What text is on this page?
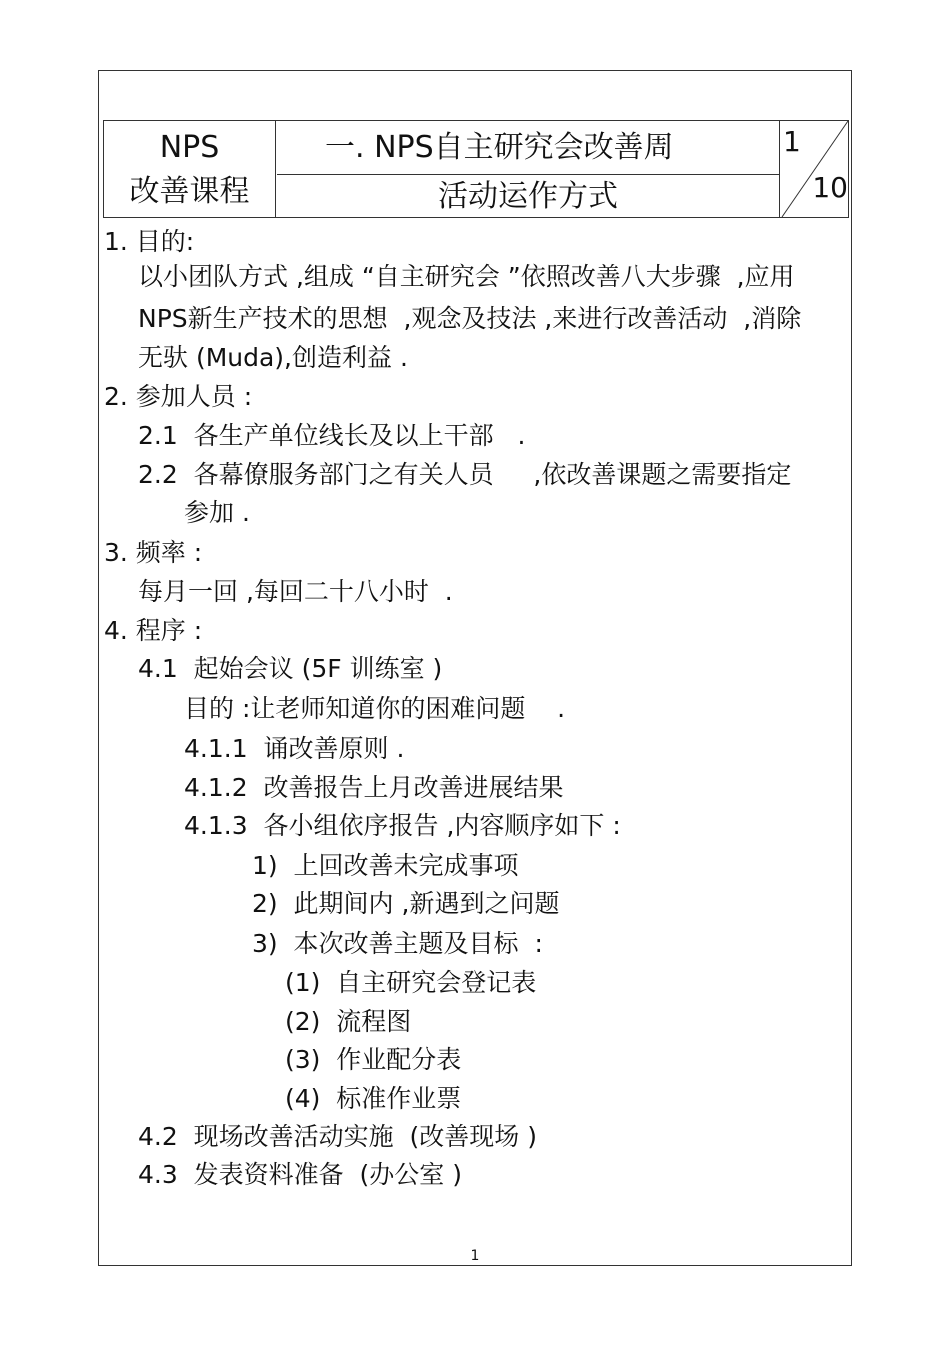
NPS
改善课程
一. NPS自主研究会改善周
活动运作方式
1
10
1. 目的:
以小团队方式 ,组成 “自主研究会 ”依照改善八大步骤  ,应用
NPS新生产技术的思想  ,观念及技法 ,来进行改善活动  ,消除
无驮 (Muda),创造利益 .
2. 参加人员 :
2.1  各生产单位线长及以上干部   .
2.2  各幕僚服务部门之有关人员     ,依改善课题之需要指定
参加 .
3. 频率 :
每月一回 ,每回二十八小时  .
4. 程序 :
4.1  起始会议 (5F 训练室 )
目的 :让老师知道你的困难问题    .
4.1.1  诵改善原则 .
4.1.2  改善报告上月改善进展结果
4.1.3  各小组依序报告 ,内容顺序如下 :
1)  上回改善未完成事项
2)  此期间内 ,新遇到之问题
3)  本次改善主题及目标  :
(1)  自主研究会登记表
(2)  流程图
(3)  作业配分表
(4)  标准作业票
4.2  现场改善活动实施  (改善现场 )
4.3  发表资料准备  (办公室 )
1
